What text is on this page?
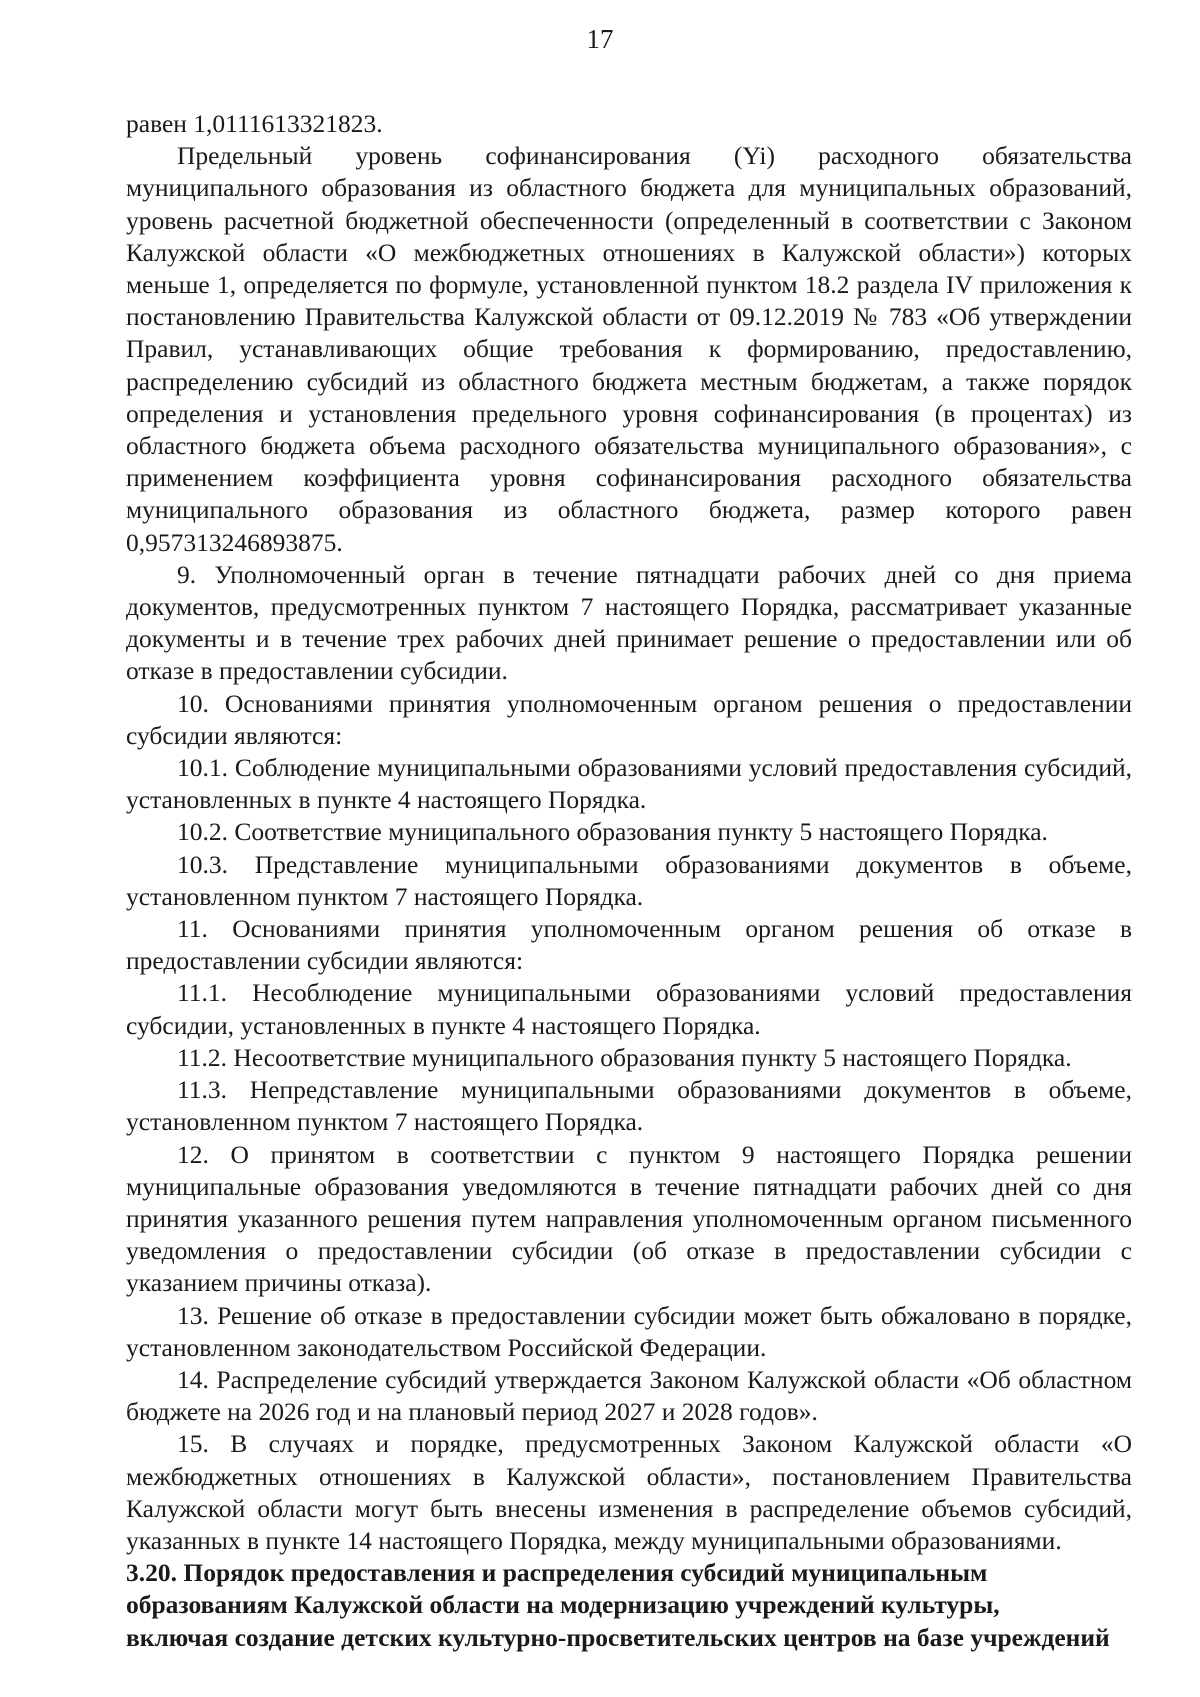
17

равен 1,0111613321823.

Предельный уровень софинансирования (Yi) расходного обязательства муниципального образования из областного бюджета для муниципальных образований, уровень расчетной бюджетной обеспеченности (определенный в соответствии с Законом Калужской области «О межбюджетных отношениях в Калужской области») которых меньше 1, определяется по формуле, установленной пунктом 18.2 раздела IV приложения к постановлению Правительства Калужской области от 09.12.2019 № 783 «Об утверждении Правил, устанавливающих общие требования к формированию, предоставлению, распределению субсидий из областного бюджета местным бюджетам, а также порядок определения и установления предельного уровня софинансирования (в процентах) из областного бюджета объема расходного обязательства муниципального образования», с применением коэффициента уровня софинансирования расходного обязательства муниципального образования из областного бюджета, размер которого равен 0,957313246893875.

9. Уполномоченный орган в течение пятнадцати рабочих дней со дня приема документов, предусмотренных пунктом 7 настоящего Порядка, рассматривает указанные документы и в течение трех рабочих дней принимает решение о предоставлении или об отказе в предоставлении субсидии.

10. Основаниями принятия уполномоченным органом решения о предоставлении субсидии являются:

10.1. Соблюдение муниципальными образованиями условий предоставления субсидий, установленных в пункте 4 настоящего Порядка.

10.2. Соответствие муниципального образования пункту 5 настоящего Порядка.

10.3. Представление муниципальными образованиями документов в объеме, установленном пунктом 7 настоящего Порядка.

11. Основаниями принятия уполномоченным органом решения об отказе в предоставлении субсидии являются:

11.1. Несоблюдение муниципальными образованиями условий предоставления субсидии, установленных в пункте 4 настоящего Порядка.

11.2. Несоответствие муниципального образования пункту 5 настоящего Порядка.

11.3. Непредставление муниципальными образованиями документов в объеме, установленном пунктом 7 настоящего Порядка.

12. О принятом в соответствии с пунктом 9 настоящего Порядка решении муниципальные образования уведомляются в течение пятнадцати рабочих дней со дня принятия указанного решения путем направления уполномоченным органом письменного уведомления о предоставлении субсидии (об отказе в предоставлении субсидии с указанием причины отказа).

13. Решение об отказе в предоставлении субсидии может быть обжаловано в порядке, установленном законодательством Российской Федерации.

14. Распределение субсидий утверждается Законом Калужской области «Об областном бюджете на 2026 год и на плановый период 2027 и 2028 годов».

15. В случаях и порядке, предусмотренных Законом Калужской области «О межбюджетных отношениях в Калужской области», постановлением Правительства Калужской области могут быть внесены изменения в распределение объемов субсидий, указанных в пункте 14 настоящего Порядка, между муниципальными образованиями.

3.20. Порядок предоставления и распределения субсидий муниципальным

образованиям Калужской области на модернизацию учреждений культуры,

включая создание детских культурно-просветительских центров на базе учреждений
